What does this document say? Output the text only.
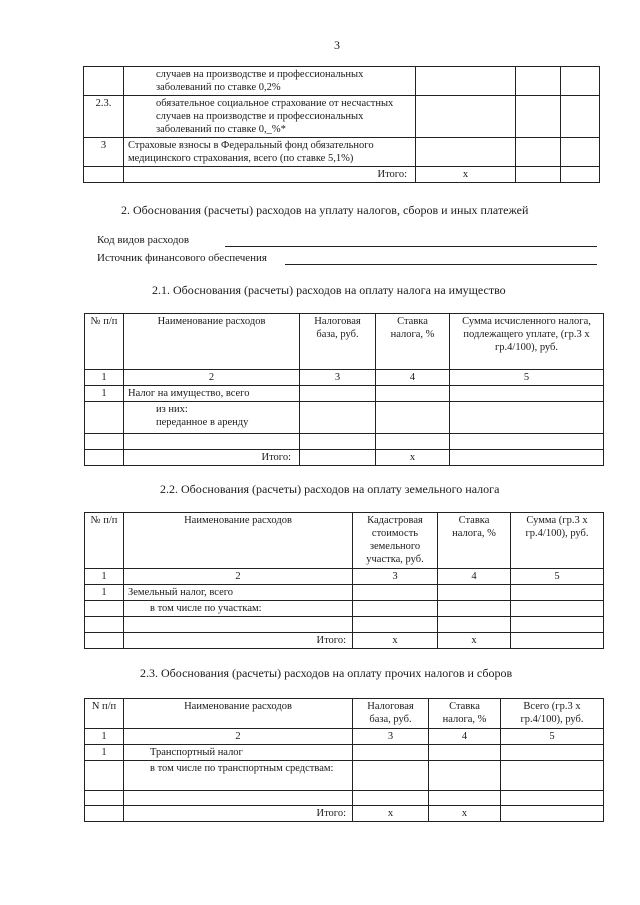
3
	случаев на производстве и профессиональных заболеваний по ставке 0,2%			
2.3.	обязательное социальное страхование от несчастных случаев на производстве и профессиональных заболеваний по ставке 0,_%*			
3	Страховые взносы в Федеральный фонд обязательного медицинского страхования, всего (по ставке 5,1%)			
	Итого:	x		
2. Обоснования (расчеты) расходов на уплату налогов, сборов и иных платежей
Код видов расходов
Источник финансового обеспечения
2.1. Обоснования (расчеты) расходов на оплату налога на имущество
№ п/п	Наименование расходов	Налоговая база, руб.	Ставка налога, %	Сумма исчисленного налога, подлежащего уплате, (гр.3 x гр.4/100), руб.
1	2	3	4	5
1	Налог на имущество, всего			
	из них:
переданное в аренду			

	Итого:		x	
2.2. Обоснования (расчеты) расходов на оплату земельного налога
№ п/п	Наименование расходов	Кадастровая стоимость земельного участка, руб.	Ставка налога, %	Сумма (гр.3 x гр.4/100), руб.
1	2	3	4	5
1	Земельный налог, всего			
	в том числе по участкам:			

	Итого:	x	x	
2.3. Обоснования (расчеты) расходов на оплату прочих налогов и сборов
N п/п	Наименование расходов	Налоговая база, руб.	Ставка налога, %	Всего (гр.3 x гр.4/100), руб.
1	2	3	4	5
1	Транспортный налог			
	в том числе по транспортным средствам:			

	Итого:	x	x	
